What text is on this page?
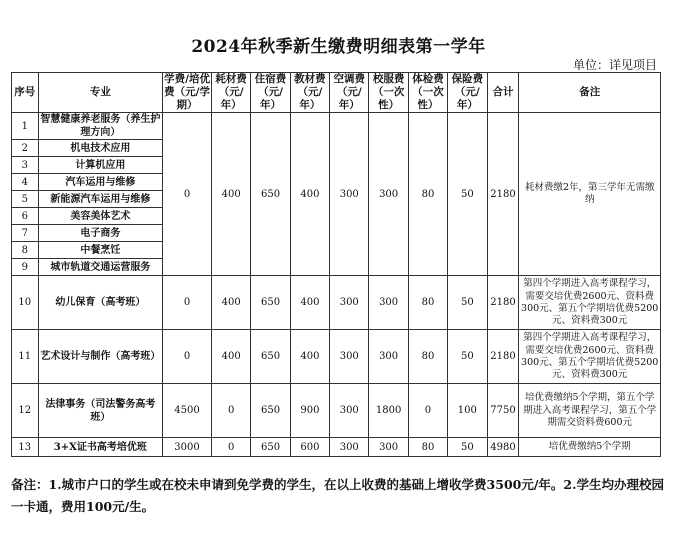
2024年秋季新生缴费明细表第一学年
单位：详见项目
序号	专业	学费/培优费（元/学期）	耗材费（元/年）	住宿费（元/年）	教材费（元/年）	空调费（元/年）	校服费（一次性）	体检费（一次性）	保险费（元/年）	合计	备注
1	智慧健康养老服务（养生护理方向）	0	400	650	400	300	300	80	50	2180	耗材费缴2年，第三学年无需缴纳
2	机电技术应用										
3	计算机应用										
4	汽车运用与维修										
5	新能源汽车运用与维修										
6	美容美体艺术										
7	电子商务										
8	中餐烹饪										
9	城市轨道交通运营服务										
10	幼儿保育（高考班）	0	400	650	400	300	300	80	50	2180	第四个学期进入高考课程学习，需要交培优费2600元、资料费300元、第五个学期培优费5200元、资料费300元
11	艺术设计与制作（高考班）	0	400	650	400	300	300	80	50	2180	第四个学期进入高考课程学习，需要交培优费2600元、资料费300元、第五个学期培优费5200元、资料费300元
12	法律事务（司法警务高考班）	4500	0	650	900	300	1800	0	100	7750	培优费缴纳5个学期，第五个学期进入高考课程学习，第五个学期需交资料费600元
13	3+X证书高考培优班	3000	0	650	600	300	300	80	50	4980	培优费缴纳5个学期
备注：1.城市户口的学生或在校未申请到免学费的学生，在以上收费的基础上增收学费3500元/年。2.学生均办理校园一卡通，费用100元/生。
